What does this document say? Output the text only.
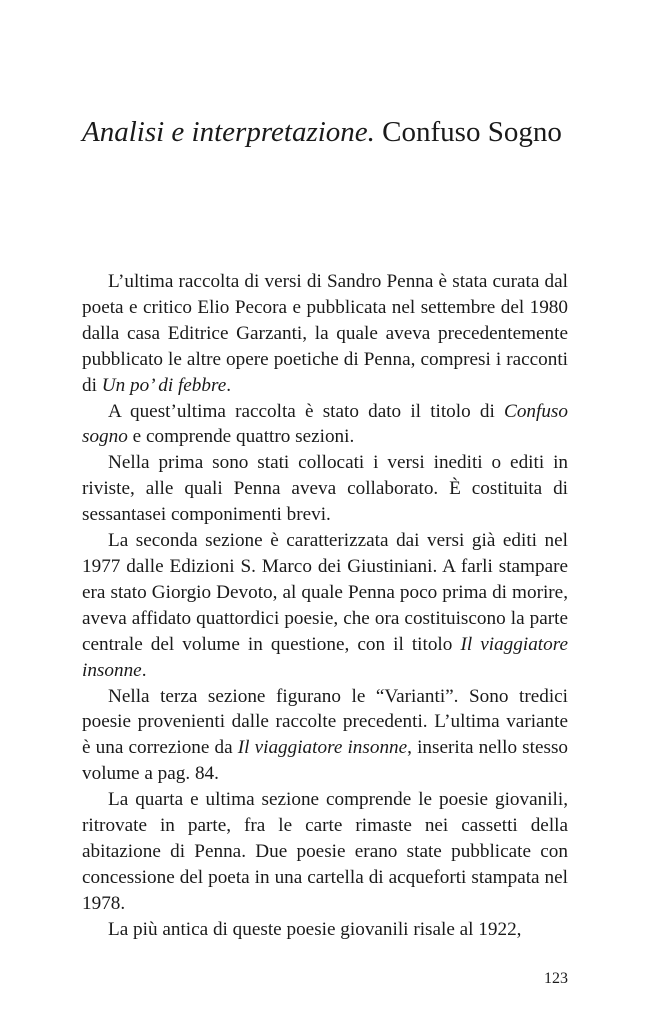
Analisi e interpretazione. Confuso Sogno

L’ultima raccolta di versi di Sandro Penna è stata curata dal poeta e critico Elio Pecora e pubblicata nel settembre del 1980 dalla casa Editrice Garzanti, la quale aveva precedentemente pubblicato le altre opere poetiche di Penna, compresi i racconti di Un po’ di febbre.

A quest’ultima raccolta è stato dato il titolo di Confuso sogno e comprende quattro sezioni.

Nella prima sono stati collocati i versi inediti o editi in riviste, alle quali Penna aveva collaborato. È costituita di sessantasei componimenti brevi.

La seconda sezione è caratterizzata dai versi già editi nel 1977 dalle Edizioni S. Marco dei Giustiniani. A farli stampare era stato Giorgio Devoto, al quale Penna poco prima di morire, aveva affidato quattordici poesie, che ora costituiscono la parte centrale del volume in questione, con il titolo Il viaggiatore insonne.

Nella terza sezione figurano le “Varianti”. Sono tredici poesie provenienti dalle raccolte precedenti. L’ultima variante è una correzione da Il viaggiatore insonne, inserita nello stesso volume a pag. 84.

La quarta e ultima sezione comprende le poesie giovanili, ritrovate in parte, fra le carte rimaste nei cassetti della abitazione di Penna. Due poesie erano state pubblicate con concessione del poeta in una cartella di acqueforti stampata nel 1978.

La più antica di queste poesie giovanili risale al 1922,

123
